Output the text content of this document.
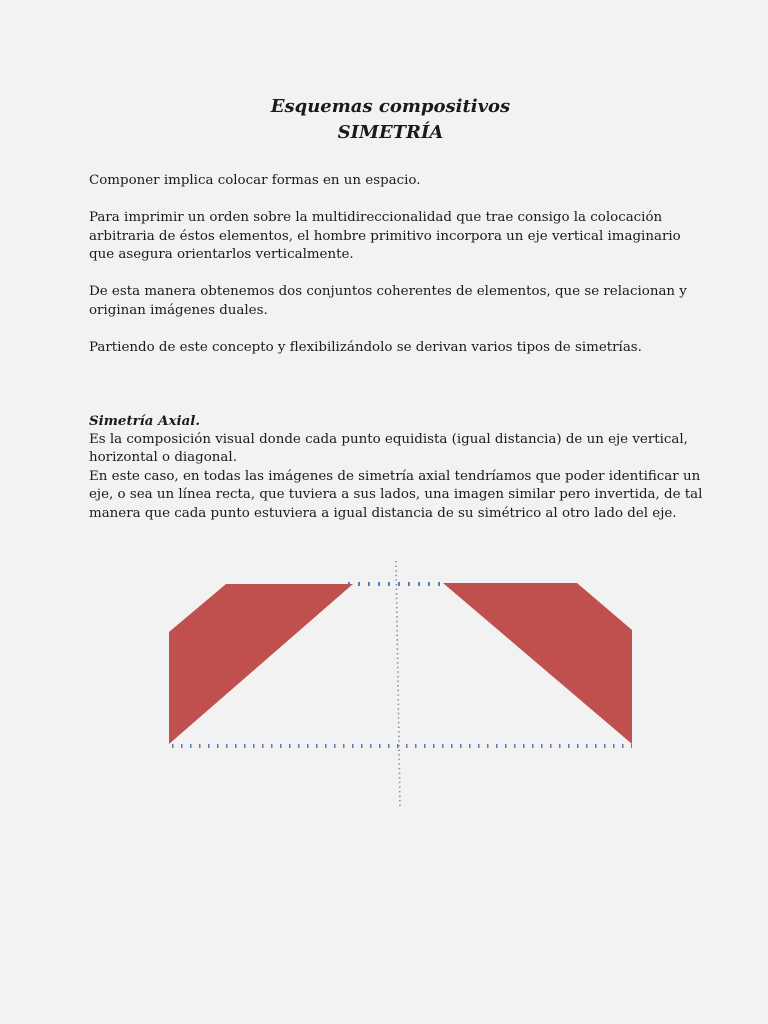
Esquemas compositivos
SIMETRÍA

Componer implica colocar formas en un espacio.

Para imprimir un orden sobre la multidireccionalidad que trae consigo la colocación arbitraria de éstos elementos, el hombre primitivo incorpora un eje vertical imaginario que asegura orientarlos verticalmente.

De esta manera obtenemos dos conjuntos coherentes de elementos, que se relacionan y originan imágenes duales.

Partiendo de este concepto y flexibilizándolo se derivan varios tipos de simetrías.

Simetría Axial.

Es la composición visual donde cada punto equidista (igual distancia) de un eje vertical, horizontal o diagonal.

En este caso, en todas las imágenes de simetría axial tendríamos que poder identificar un eje, o sea un línea recta, que tuviera a sus lados, una imagen similar pero invertida, de tal manera que cada punto estuviera a igual distancia de su simétrico al otro lado del eje.
